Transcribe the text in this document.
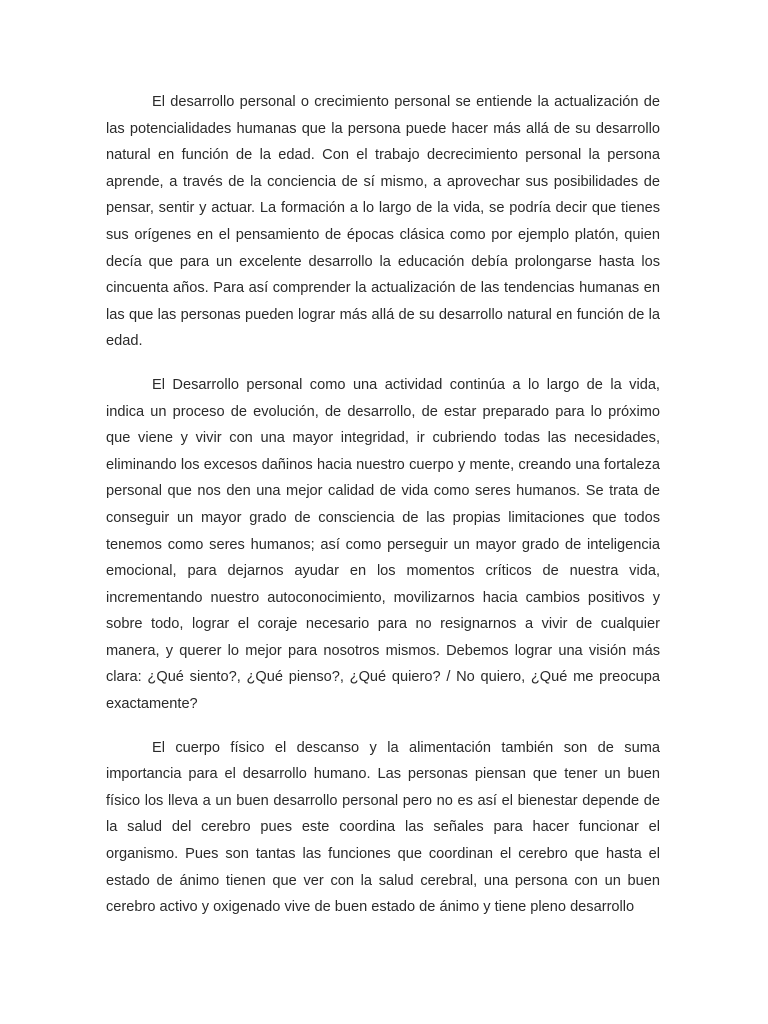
El desarrollo personal o crecimiento personal se entiende la actualización de las potencialidades humanas que la persona puede hacer más allá de su desarrollo natural en función de la edad. Con el trabajo decrecimiento personal la persona aprende, a través de la conciencia de sí mismo, a aprovechar sus posibilidades de pensar, sentir y actuar. La formación a lo largo de la vida, se podría decir que tienes sus orígenes en el pensamiento de épocas clásica como por ejemplo platón, quien decía que para un excelente desarrollo la educación debía prolongarse hasta los cincuenta años. Para así comprender la actualización de las tendencias humanas en las que las personas pueden lograr más allá de su desarrollo natural en función de la edad.

El Desarrollo personal como una actividad continúa a lo largo de la vida, indica un proceso de evolución, de desarrollo, de estar preparado para lo próximo que viene y vivir con una mayor integridad, ir cubriendo todas las necesidades, eliminando los excesos dañinos hacia nuestro cuerpo y mente, creando una fortaleza personal que nos den una mejor calidad de vida como seres humanos. Se trata de conseguir un mayor grado de consciencia de las propias limitaciones que todos tenemos como seres humanos; así como perseguir un mayor grado de inteligencia emocional, para dejarnos ayudar en los momentos críticos de nuestra vida, incrementando nuestro autoconocimiento, movilizarnos hacia cambios positivos y sobre todo, lograr el coraje necesario para no resignarnos a vivir de cualquier manera, y querer lo mejor para nosotros mismos. Debemos lograr una visión más clara: ¿Qué siento?, ¿Qué pienso?, ¿Qué quiero? / No quiero, ¿Qué me preocupa exactamente?

El cuerpo físico el descanso y la alimentación también son de suma importancia para el desarrollo humano. Las personas piensan que tener un buen físico los lleva a un buen desarrollo personal pero no es así el bienestar depende de la salud del cerebro pues este coordina las señales para hacer funcionar el organismo. Pues son tantas las funciones que coordinan el cerebro que hasta el estado de ánimo tienen que ver con la salud cerebral, una persona con un buen cerebro activo y oxigenado vive de buen estado de ánimo y tiene pleno desarrollo
